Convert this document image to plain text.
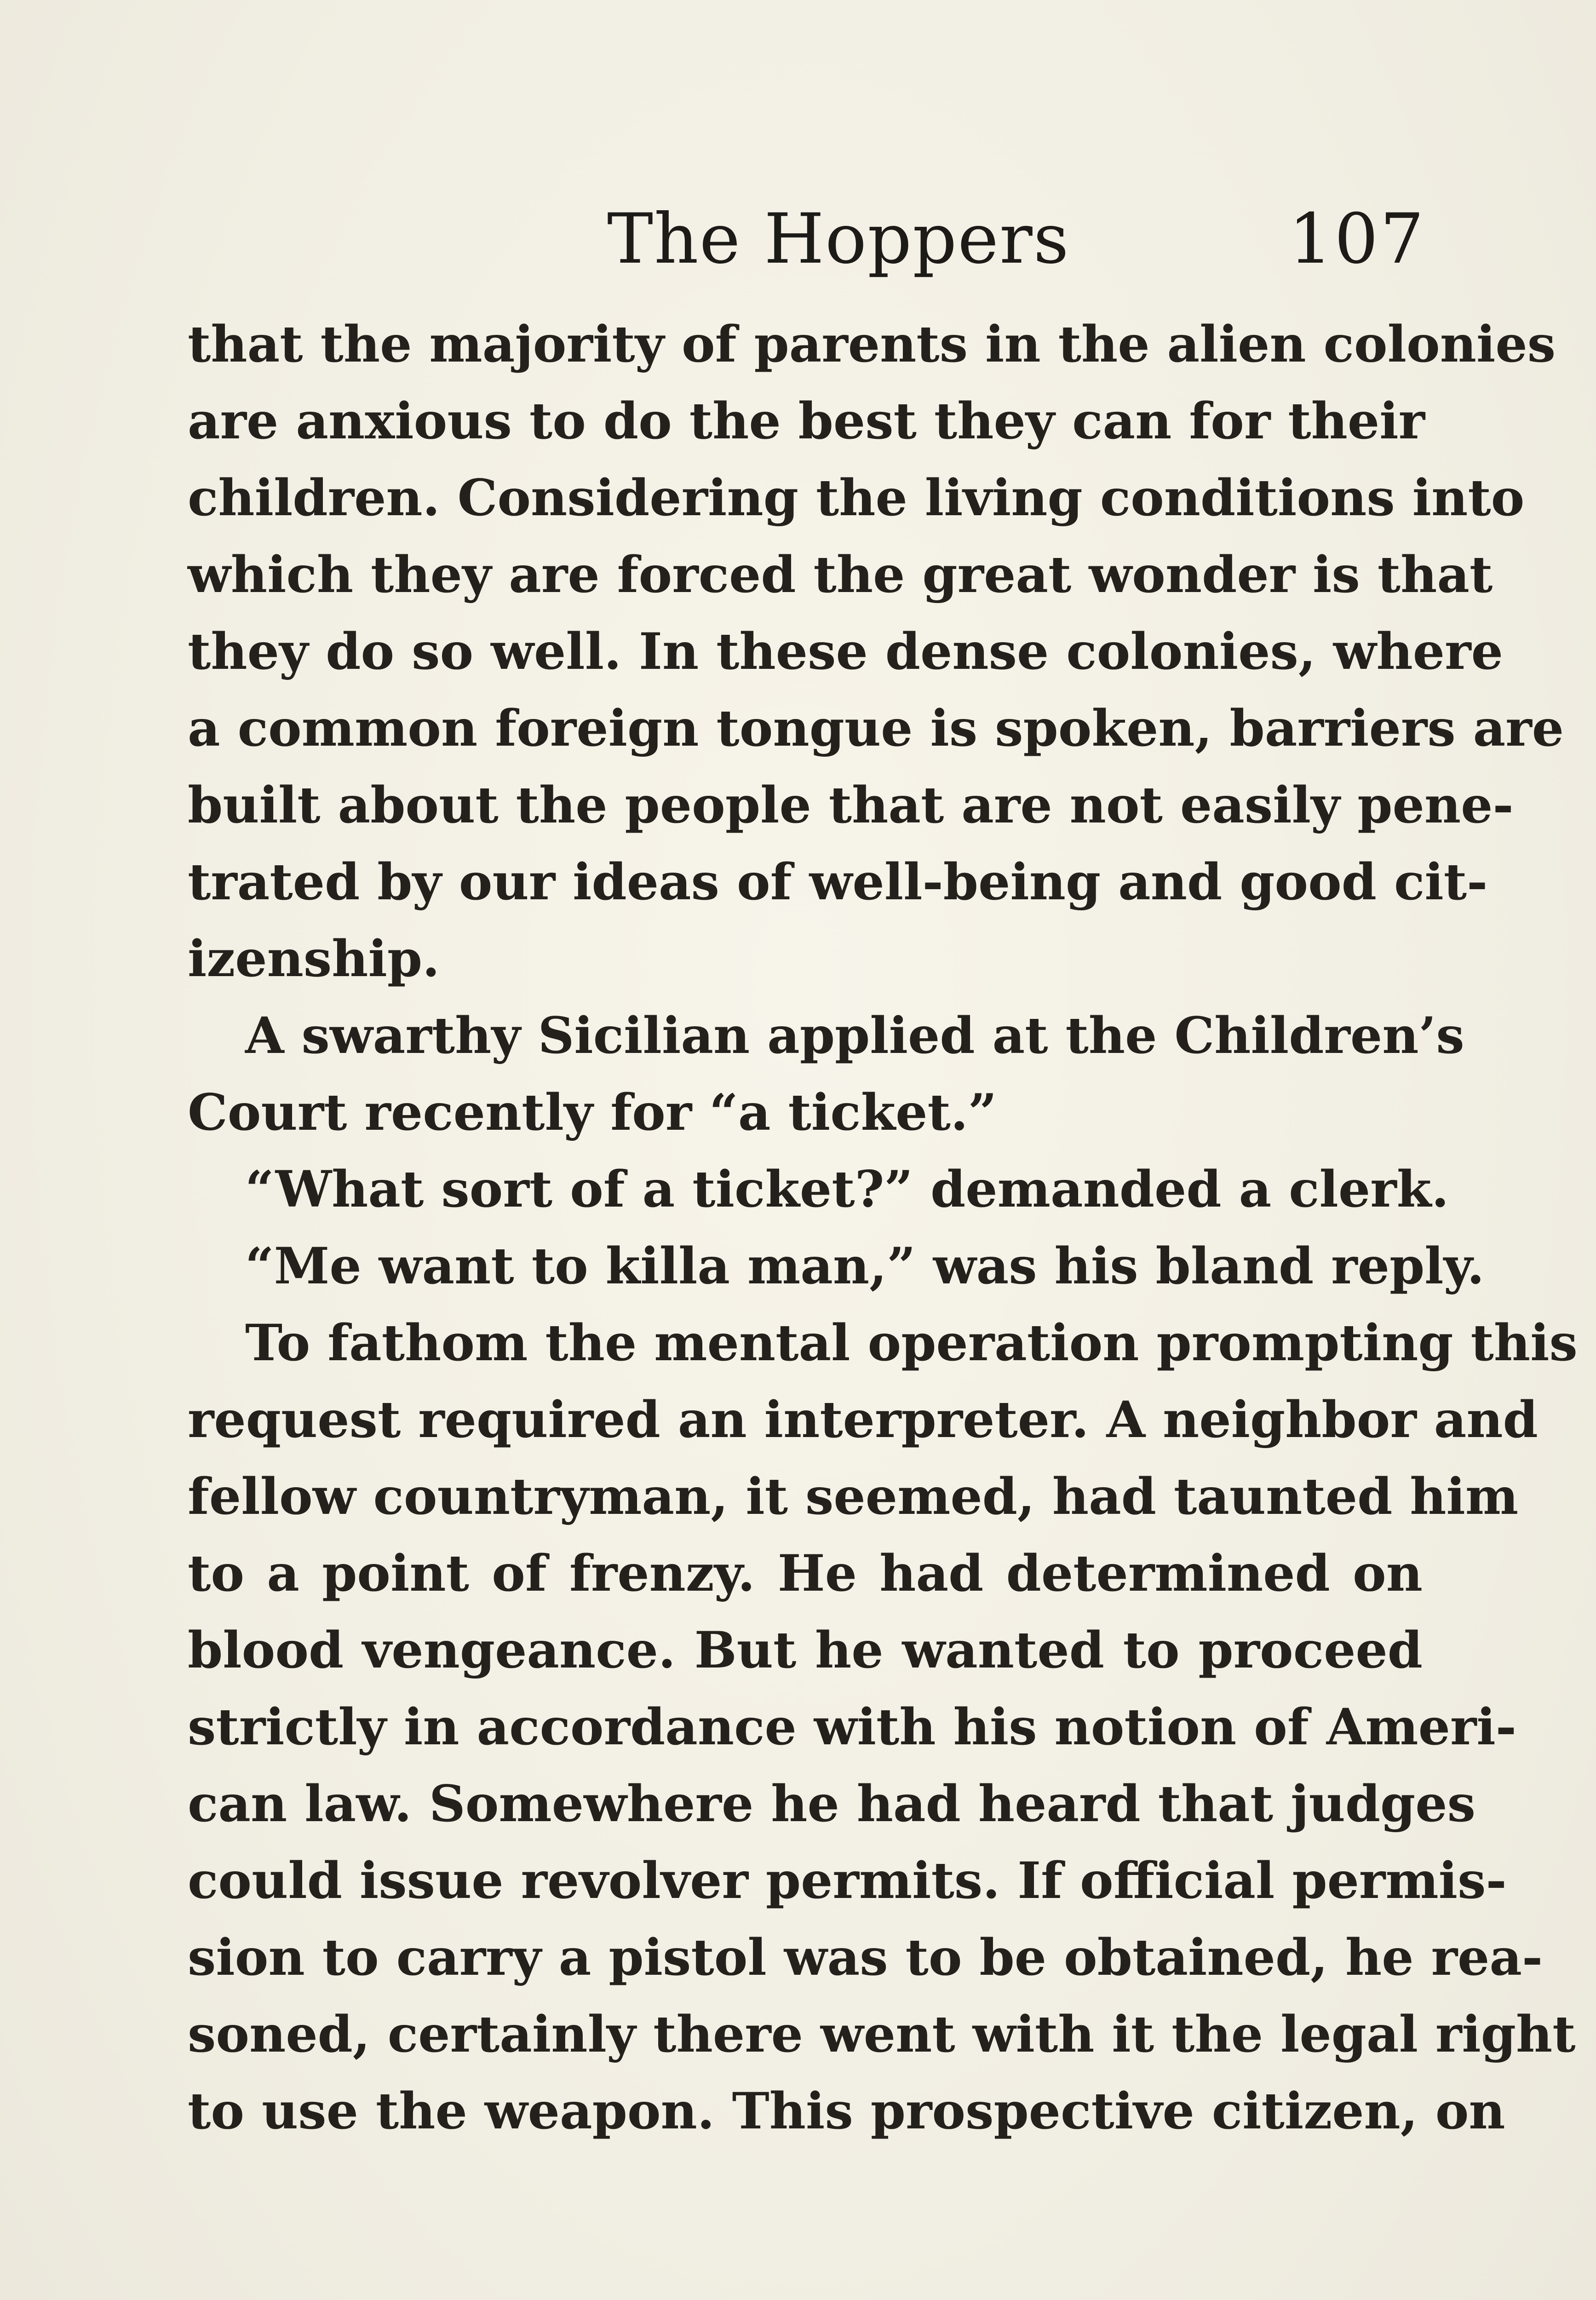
The Hoppers	107
that the majority of parents in the alien colonies
are anxious to do the best they can for their
children. Considering the living conditions into
which they are forced the great wonder is that
they do so well. In these dense colonies, where
a common foreign tongue is spoken, barriers are
built about the people that are not easily pene-
trated by our ideas of well-being and good cit-
izenship.
A swarthy Sicilian applied at the Children’s
Court recently for “a ticket.”
“What sort of a ticket?” demanded a clerk.
“Me want to killa man,” was his bland reply.
To fathom the mental operation prompting this
request required an interpreter. A neighbor and
fellow countryman, it seemed, had taunted him
to a point of frenzy. He had determined on
blood vengeance. But he wanted to proceed
strictly in accordance with his notion of Ameri-
can law. Somewhere he had heard that judges
could issue revolver permits. If official permis-
sion to carry a pistol was to be obtained, he rea-
soned, certainly there went with it the legal right
to use the weapon. This prospective citizen, on
